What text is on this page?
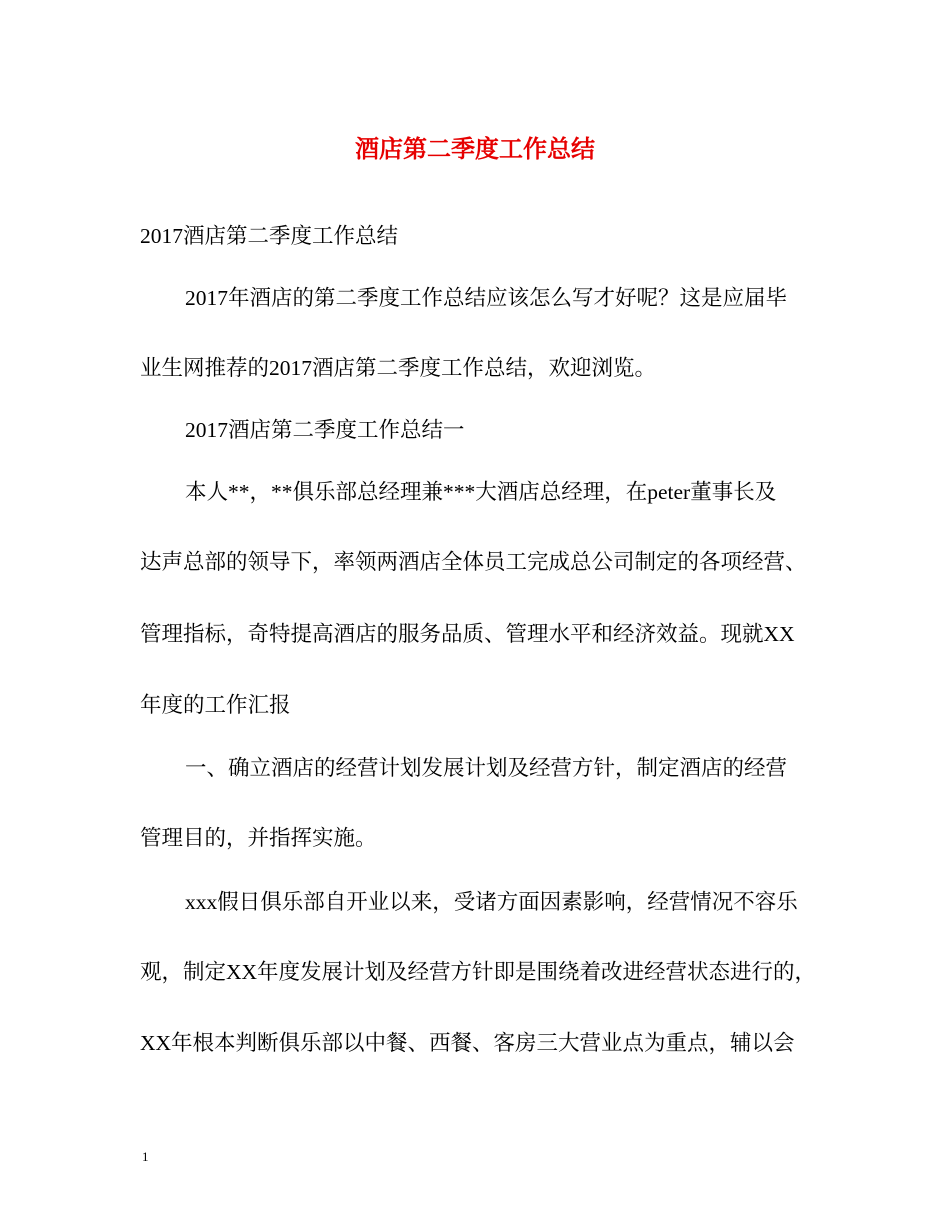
酒店第二季度工作总结
2017酒店第二季度工作总结
2017年酒店的第二季度工作总结应该怎么写才好呢？这是应届毕
业生网推荐的2017酒店第二季度工作总结，欢迎浏览。
2017酒店第二季度工作总结一
本人**，**俱乐部总经理兼***大酒店总经理，在peter董事长及
达声总部的领导下，率领两酒店全体员工完成总公司制定的各项经营、
管理指标，奇特提高酒店的服务品质、管理水平和经济效益。现就XX
年度的工作汇报
一、确立酒店的经营计划发展计划及经营方针，制定酒店的经营
管理目的，并指挥实施。
xxx假日俱乐部自开业以来，受诸方面因素影响，经营情况不容乐
观，制定XX年度发展计划及经营方针即是围绕着改进经营状态进行的，
XX年根本判断俱乐部以中餐、西餐、客房三大营业点为重点，辅以会
1
